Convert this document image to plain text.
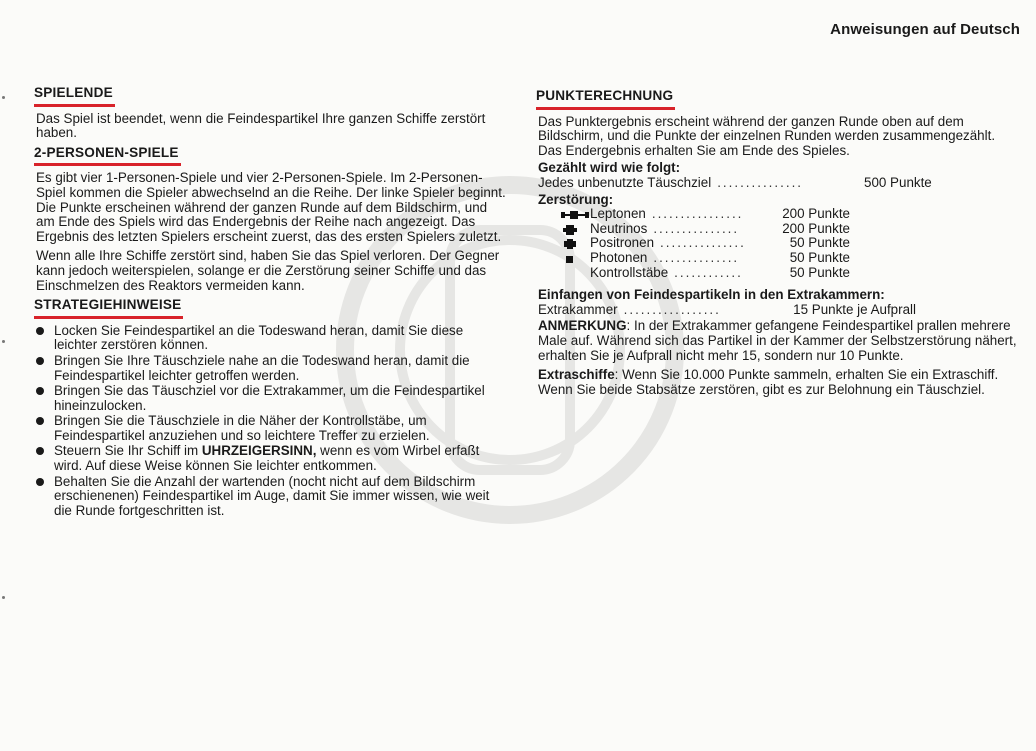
Anweisungen auf Deutsch
SPIELENDE

Das Spiel ist beendet, wenn die Feindespartikel Ihre ganzen Schiffe zerstört haben.

2-PERSONEN-SPIELE

Es gibt vier 1-Personen-Spiele und vier 2-Personen-Spiele. Im 2-Personen-Spiel kommen die Spieler abwechselnd an die Reihe. Der linke Spieler beginnt. Die Punkte erscheinen während der ganzen Runde auf dem Bildschirm, und am Ende des Spiels wird das Endergebnis der Reihe nach angezeigt. Das Ergebnis des letzten Spielers erscheint zuerst, das des ersten Spielers zuletzt.

Wenn alle Ihre Schiffe zerstört sind, haben Sie das Spiel verloren. Der Gegner kann jedoch weiterspielen, solange er die Zerstörung seiner Schiffe und das Einschmelzen des Reaktors vermeiden kann.

STRATEGIEHINWEISE
Locken Sie Feindespartikel an die Todeswand heran, damit Sie diese leichter zerstören können.
Bringen Sie Ihre Täuschziele nahe an die Todeswand heran, damit die Feindespartikel leichter getroffen werden.
Bringen Sie das Täuschziel vor die Extrakammer, um die Feindespartikel hineinzulocken.
Bringen Sie die Täuschziele in die Näher der Kontrollstäbe, um Feindespartikel anzuziehen und so leichtere Treffer zu erzielen.
Steuern Sie Ihr Schiff im UHRZEIGERSINN, wenn es vom Wirbel erfaßt wird. Auf diese Weise können Sie leichter entkommen.
Behalten Sie die Anzahl der wartenden (nocht nicht auf dem Bildschirm erschienenen) Feindespartikel im Auge, damit Sie immer wissen, wie weit die Runde fortgeschritten ist.
PUNKTERECHNUNG

Das Punktergebnis erscheint während der ganzen Runde oben auf dem Bildschirm, und die Punkte der einzelnen Runden werden zusammengezählt. Das Endergebnis erhalten Sie am Ende des Spieles.

Gezählt wird wie folgt:
Jedes unbenutzte Täuschziel ...............	500 Punkte
Zerstörung:
Leptonen ................	200 Punkte
Neutrinos ...............	200 Punkte
Positronen ...............	50 Punkte
Photonen ...............	50 Punkte
Kontrollstäbe ............	50 Punkte
Einfangen von Feindespartikeln in den Extrakammern:
Extrakammer .................	15 Punkte je Aufprall

ANMERKUNG: In der Extrakammer gefangene Feindespartikel prallen mehrere Male auf. Während sich das Partikel in der Kammer der Selbstzerstörung nähert, erhalten Sie je Aufprall nicht mehr 15, sondern nur 10 Punkte.

Extraschiffe: Wenn Sie 10.000 Punkte sammeln, erhalten Sie ein Extraschiff. Wenn Sie beide Stabsätze zerstören, gibt es zur Belohnung ein Täuschziel.
